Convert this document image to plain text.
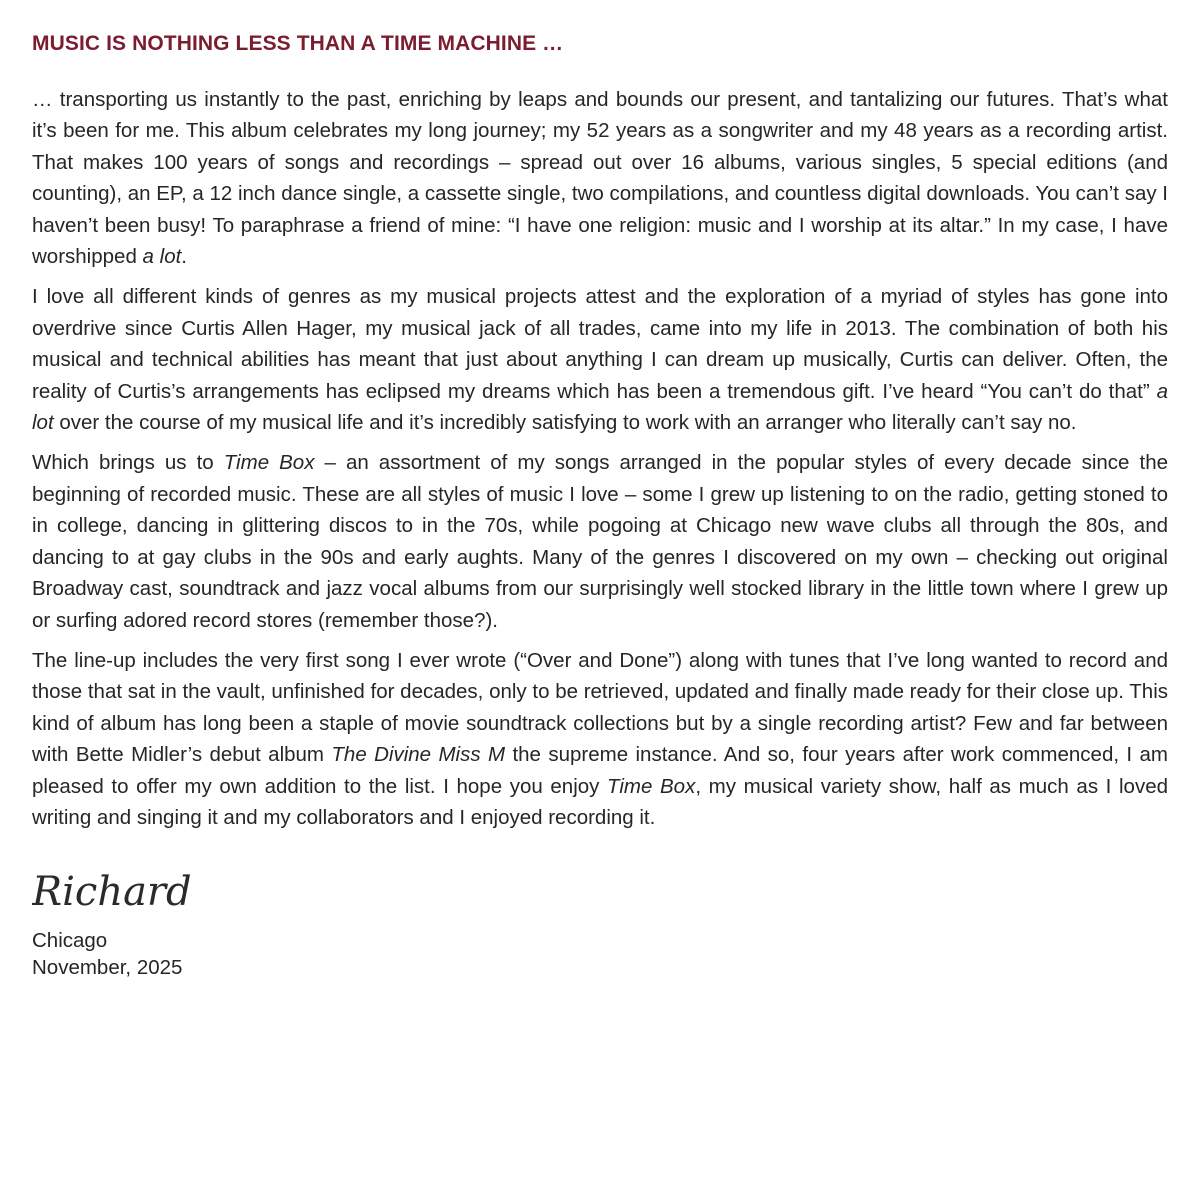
MUSIC IS NOTHING LESS THAN A TIME MACHINE …

… transporting us instantly to the past, enriching by leaps and bounds our present, and tantalizing our futures. That’s what it’s been for me. This album celebrates my long journey; my 52 years as a songwriter and my 48 years as a recording artist. That makes 100 years of songs and recordings – spread out over 16 albums, various singles, 5 special editions (and counting), an EP, a 12 inch dance single, a cassette single, two compilations, and countless digital downloads. You can’t say I haven’t been busy! To paraphrase a friend of mine: “I have one religion: music and I worship at its altar.” In my case, I have worshipped a lot.

I love all different kinds of genres as my musical projects attest and the exploration of a myriad of styles has gone into overdrive since Curtis Allen Hager, my musical jack of all trades, came into my life in 2013. The combination of both his musical and technical abilities has meant that just about anything I can dream up musically, Curtis can deliver. Often, the reality of Curtis’s arrangements has eclipsed my dreams which has been a tremendous gift. I’ve heard “You can’t do that” a lot over the course of my musical life and it’s incredibly satisfying to work with an arranger who literally can’t say no.

Which brings us to Time Box – an assortment of my songs arranged in the popular styles of every decade since the beginning of recorded music. These are all styles of music I love – some I grew up listening to on the radio, getting stoned to in college, dancing in glittering discos to in the 70s, while pogoing at Chicago new wave clubs all through the 80s, and dancing to at gay clubs in the 90s and early aughts. Many of the genres I discovered on my own – checking out original Broadway cast, soundtrack and jazz vocal albums from our surprisingly well stocked library in the little town where I grew up or surfing adored record stores (remember those?).

The line-up includes the very first song I ever wrote (“Over and Done”) along with tunes that I’ve long wanted to record and those that sat in the vault, unfinished for decades, only to be retrieved, updated and finally made ready for their close up. This kind of album has long been a staple of movie soundtrack collections but by a single recording artist? Few and far between with Bette Midler’s debut album The Divine Miss M the supreme instance. And so, four years after work commenced, I am pleased to offer my own addition to the list. I hope you enjoy Time Box, my musical variety show, half as much as I loved writing and singing it and my collaborators and I enjoyed recording it.

Richard

Chicago

November, 2025
